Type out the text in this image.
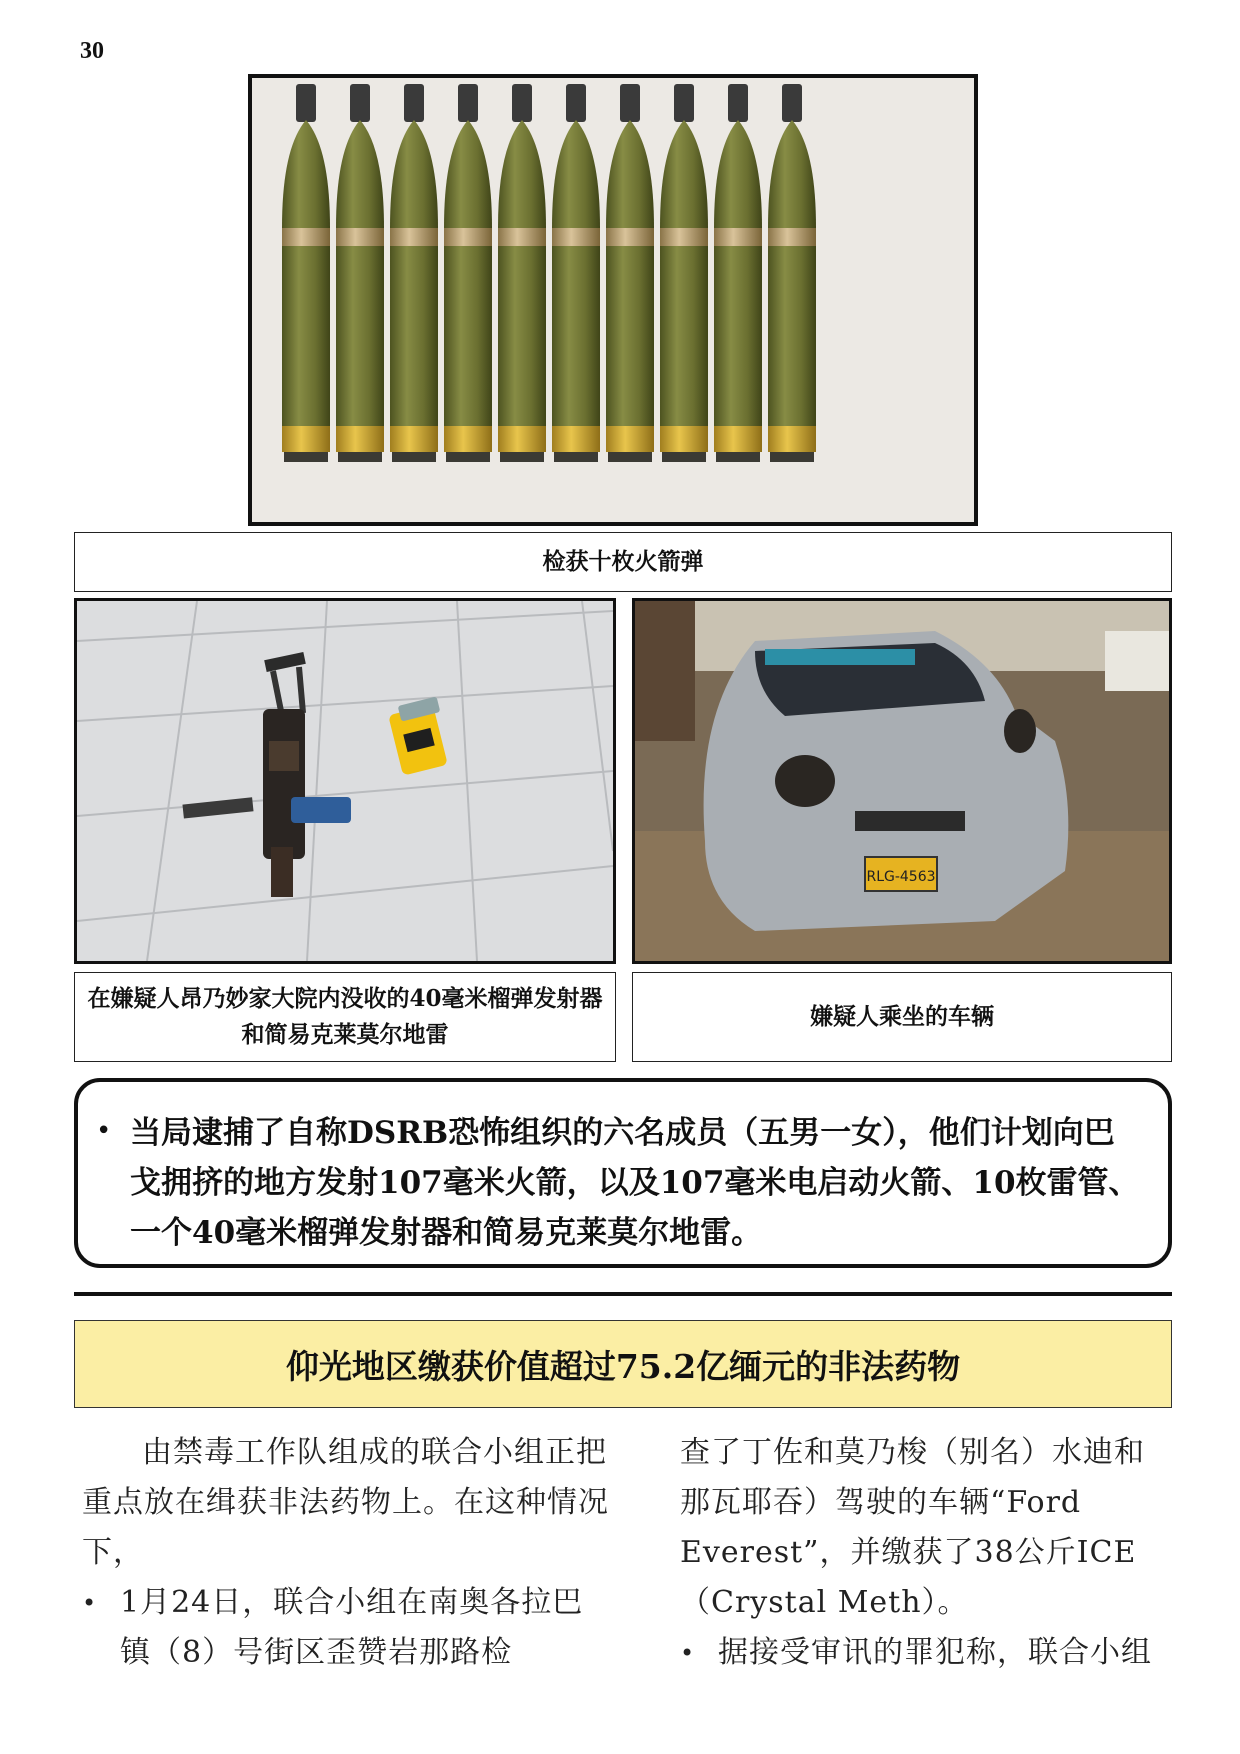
30
检获十枚火箭弹
RLG-4563
在嫌疑人昂乃妙家大院内没收的40毫米榴弹发射器和简易克莱莫尔地雷
嫌疑人乘坐的车辆
• 当局逮捕了自称DSRB恐怖组织的六名成员（五男一女），他们计划向巴戈拥挤的地方发射107毫米火箭，以及107毫米电启动火箭、10枚雷管、一个40毫米榴弹发射器和简易克莱莫尔地雷。
仰光地区缴获价值超过75.2亿缅元的非法药物

由禁毒工作队组成的联合小组正把重点放在缉获非法药物上。在这种情况下，

• 1月24日，联合小组在南奥各拉巴镇（8）号街区歪赞岩那路检

查了丁佐和莫乃梭（别名）水迪和那瓦耶吞）驾驶的车辆“Ford Everest”，并缴获了38公斤ICE（Crystal Meth）。

• 据接受审讯的罪犯称，联合小组
